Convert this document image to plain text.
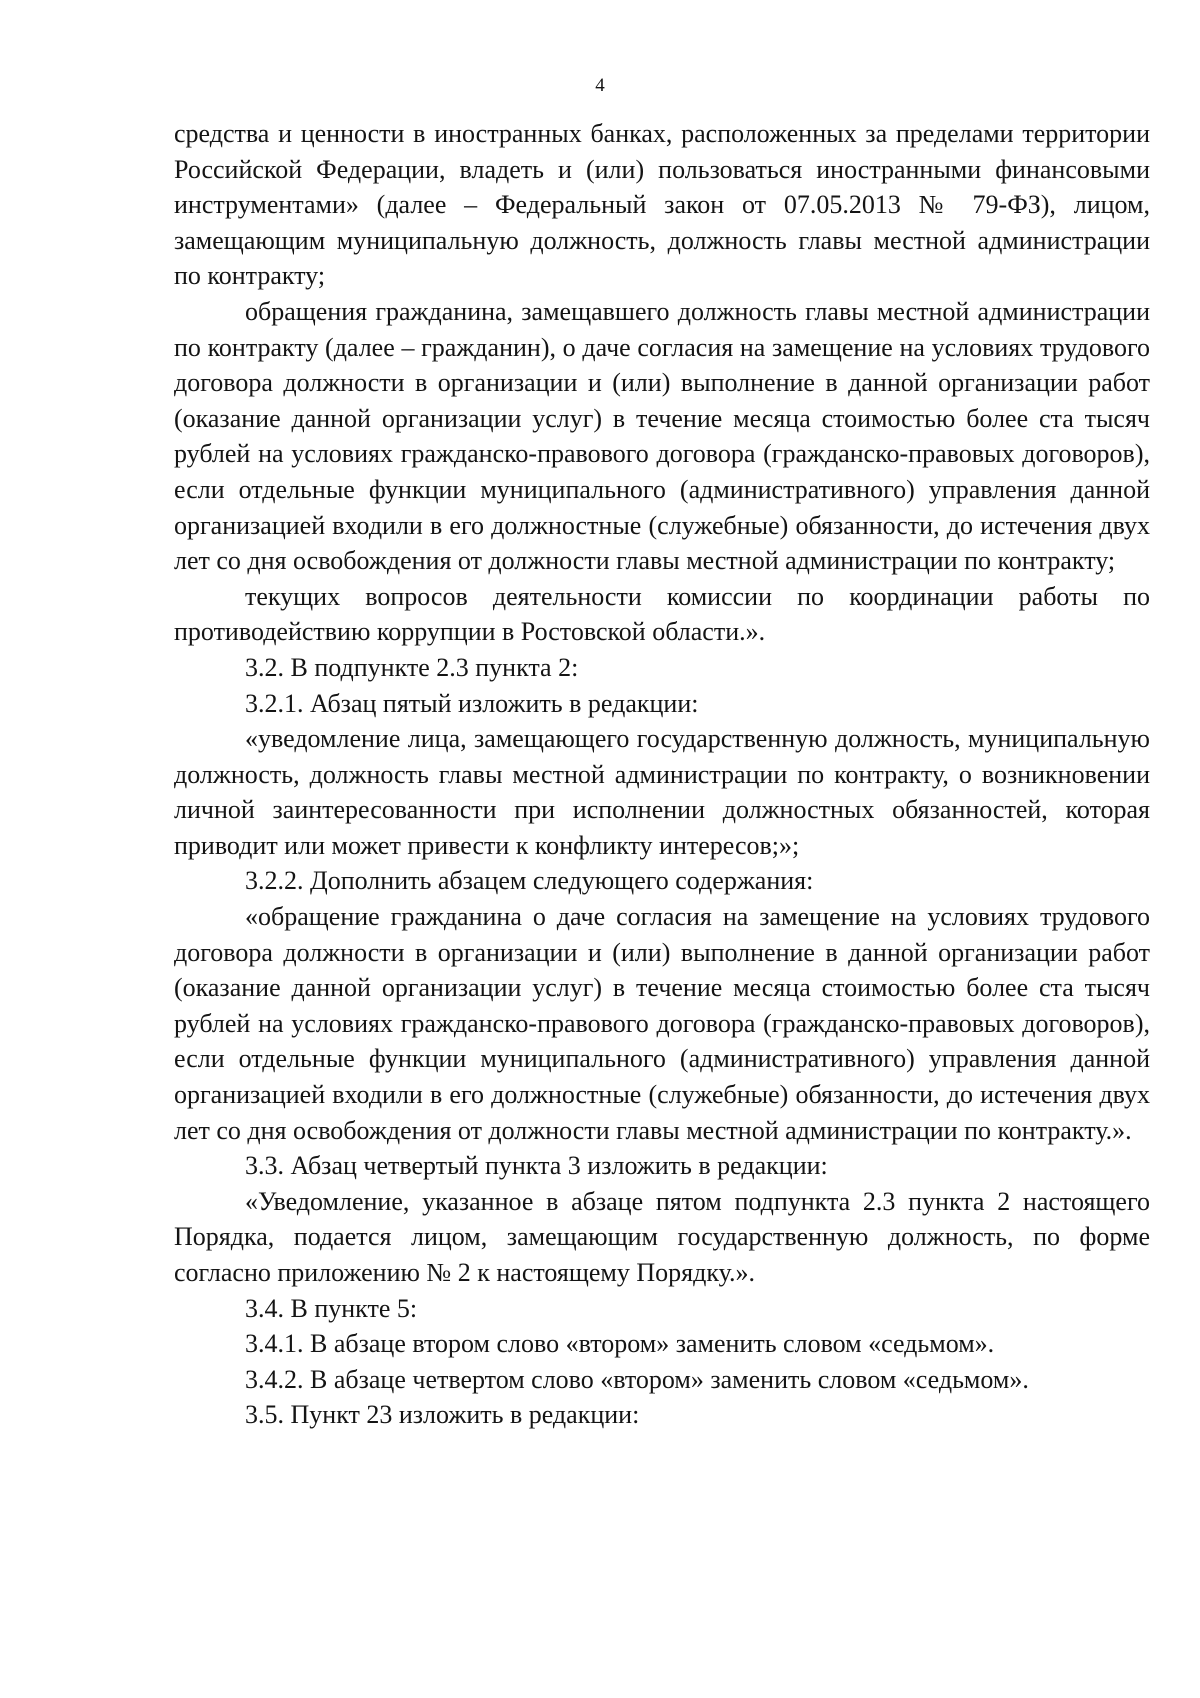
4

средства и ценности в иностранных банках, расположенных за пределами территории Российской Федерации, владеть и (или) пользоваться иностранными финансовыми инструментами» (далее – Федеральный закон от 07.05.2013 № 79-ФЗ), лицом, замещающим муниципальную должность, должность главы местной администрации по контракту;

обращения гражданина, замещавшего должность главы местной администрации по контракту (далее – гражданин), о даче согласия на замещение на условиях трудового договора должности в организации и (или) выполнение в данной организации работ (оказание данной организации услуг) в течение месяца стоимостью более ста тысяч рублей на условиях гражданско-правового договора (гражданско-правовых договоров), если отдельные функции муниципального (административного) управления данной организацией входили в его должностные (служебные) обязанности, до истечения двух лет со дня освобождения от должности главы местной администрации по контракту;

текущих вопросов деятельности комиссии по координации работы по противодействию коррупции в Ростовской области.».

3.2. В подпункте 2.3 пункта 2:

3.2.1. Абзац пятый изложить в редакции:

«уведомление лица, замещающего государственную должность, муниципальную должность, должность главы местной администрации по контракту, о возникновении личной заинтересованности при исполнении должностных обязанностей, которая приводит или может привести к конфликту интересов;»;

3.2.2. Дополнить абзацем следующего содержания:

«обращение гражданина о даче согласия на замещение на условиях трудового договора должности в организации и (или) выполнение в данной организации работ (оказание данной организации услуг) в течение месяца стоимостью более ста тысяч рублей на условиях гражданско-правового договора (гражданско-правовых договоров), если отдельные функции муниципального (административного) управления данной организацией входили в его должностные (служебные) обязанности, до истечения двух лет со дня освобождения от должности главы местной администрации по контракту.».

3.3. Абзац четвертый пункта 3 изложить в редакции:

«Уведомление, указанное в абзаце пятом подпункта 2.3 пункта 2 настоящего Порядка, подается лицом, замещающим государственную должность, по форме согласно приложению № 2 к настоящему Порядку.».

3.4. В пункте 5:

3.4.1. В абзаце втором слово «втором» заменить словом «седьмом».

3.4.2. В абзаце четвертом слово «втором» заменить словом «седьмом».

3.5. Пункт 23 изложить в редакции:
